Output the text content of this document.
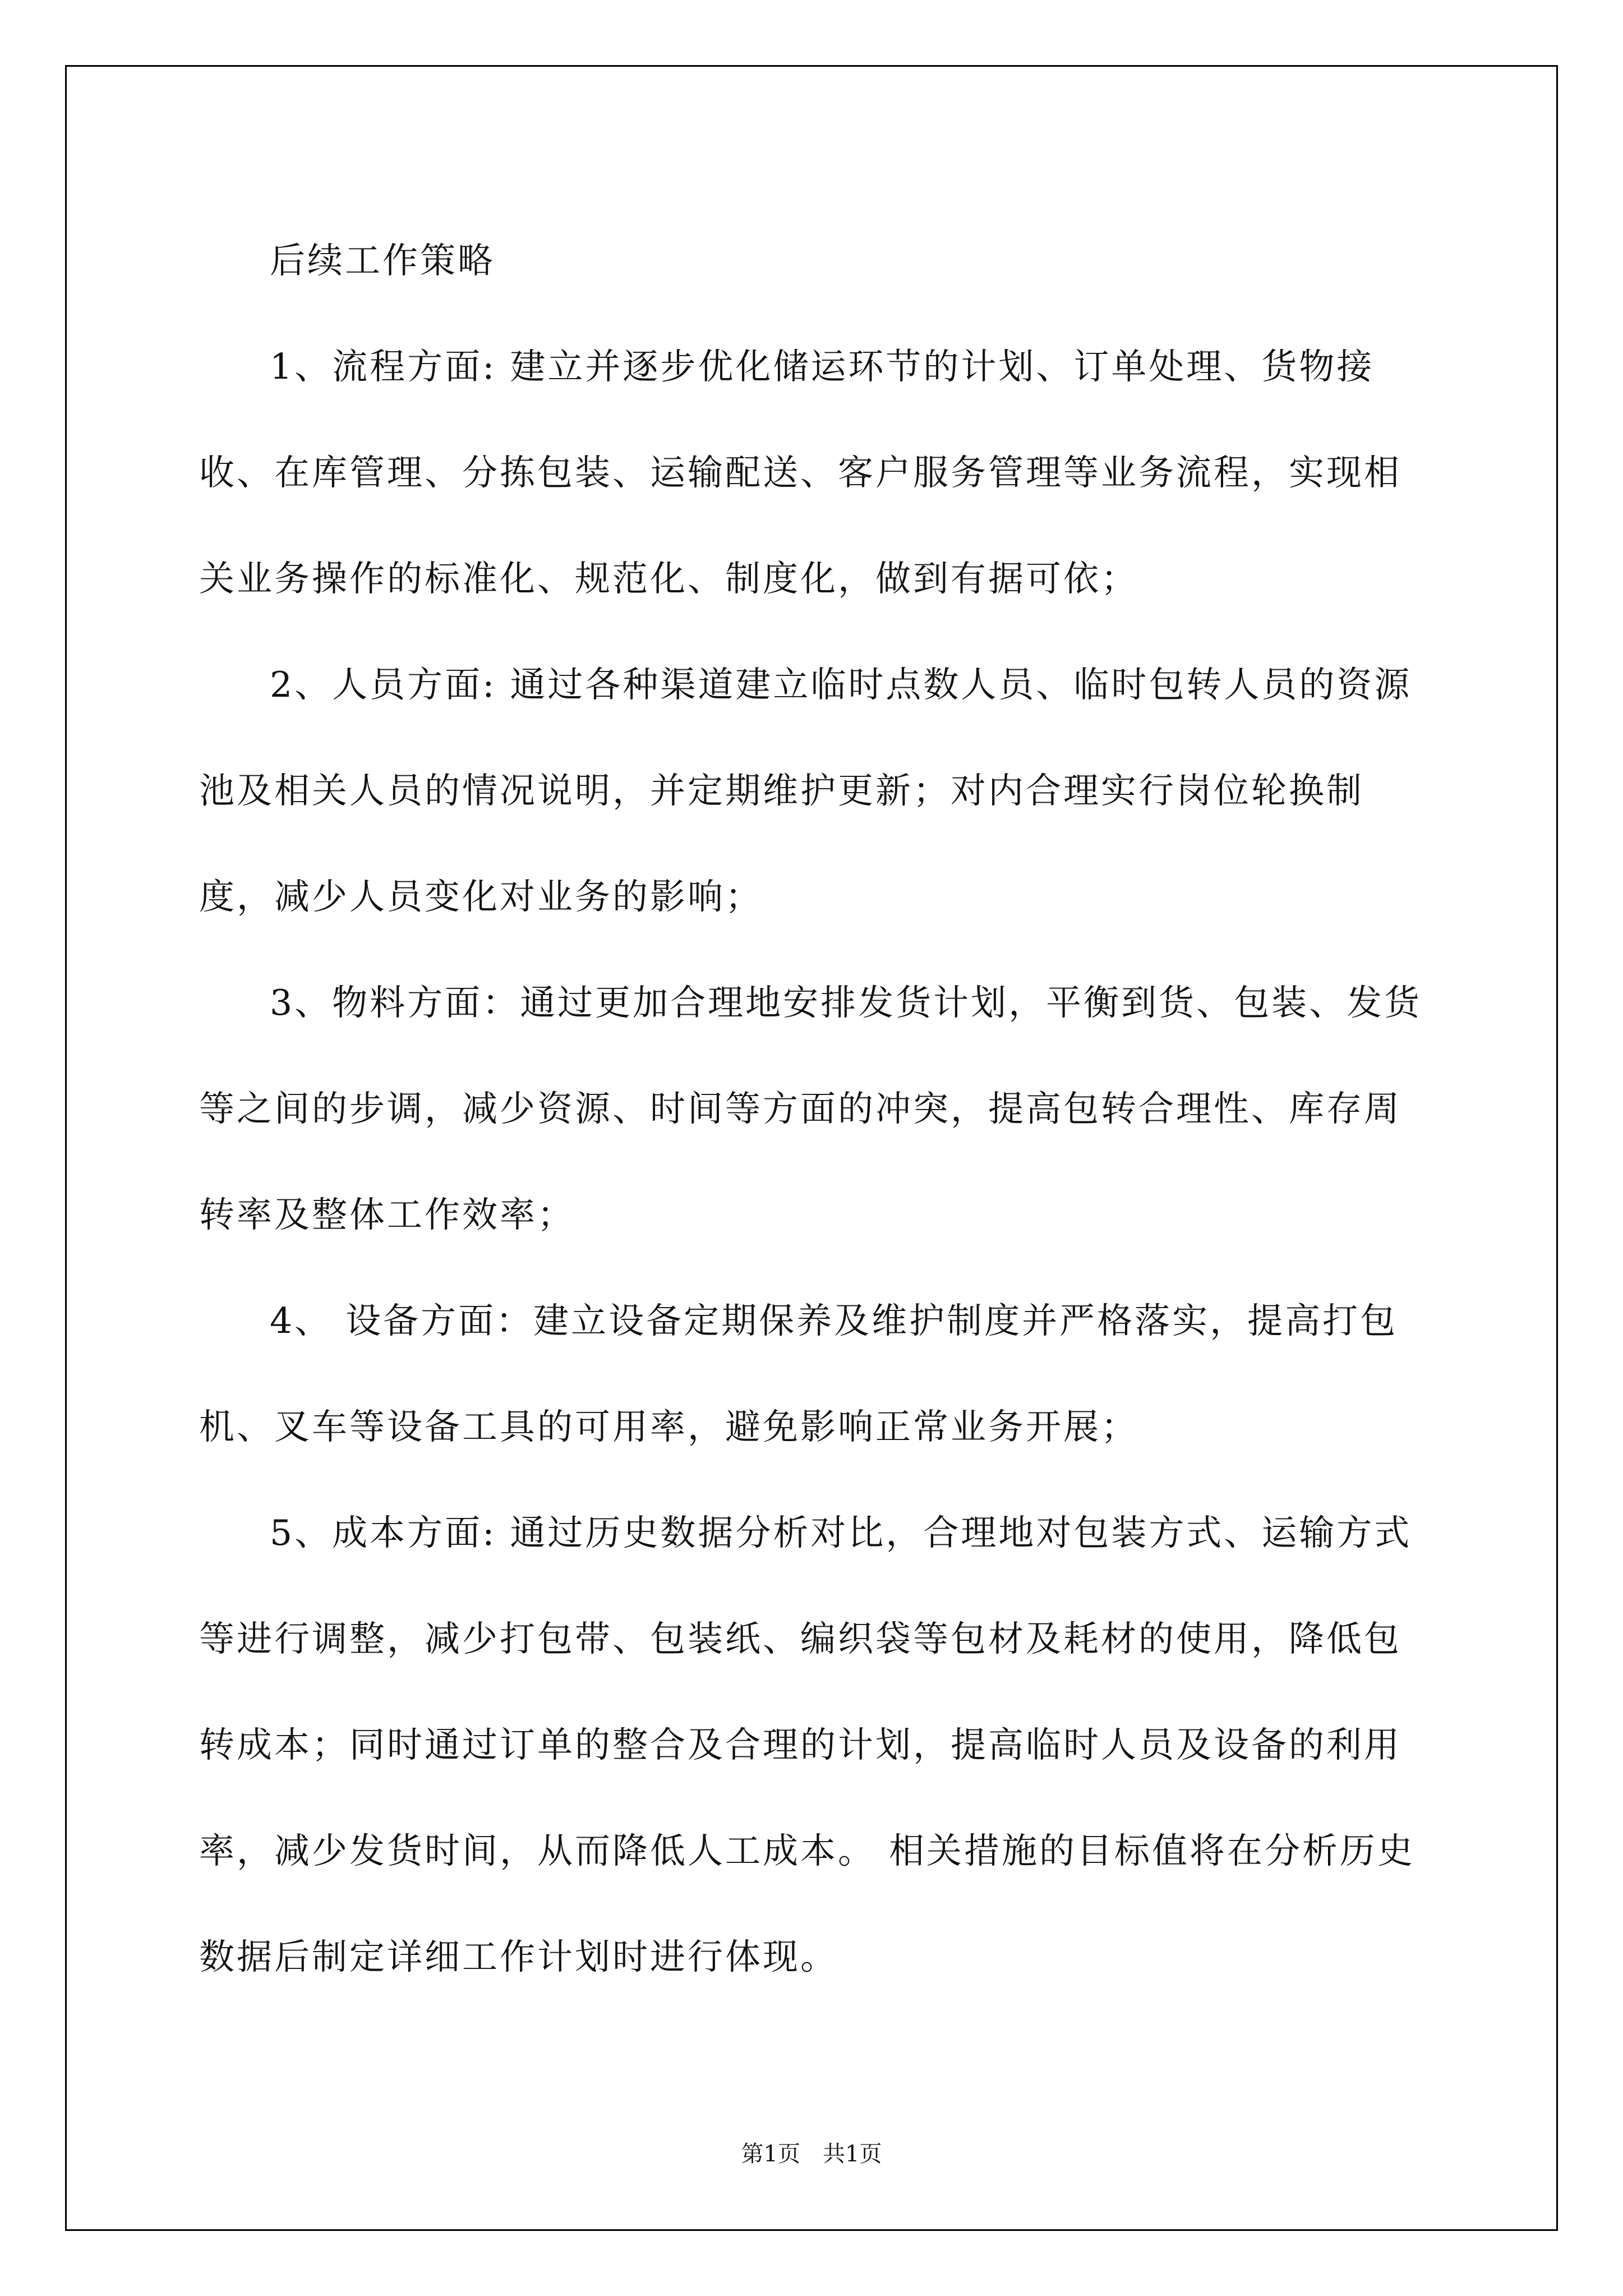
后续工作策略

1、流程方面: 建立并逐步优化储运环节的计划、订单处理、货物接收、在库管理、分拣包装、运输配送、客户服务管理等业务流程，实现相关业务操作的标准化、规范化、制度化，做到有据可依；

2、人员方面: 通过各种渠道建立临时点数人员、临时包转人员的资源池及相关人员的情况说明，并定期维护更新；对内合理实行岗位轮换制度，减少人员变化对业务的影响；

3、物料方面：通过更加合理地安排发货计划，平衡到货、包装、发货等之间的步调，减少资源、时间等方面的冲突，提高包转合理性、库存周转率及整体工作效率；

4、 设备方面：建立设备定期保养及维护制度并严格落实，提高打包机、叉车等设备工具的可用率，避免影响正常业务开展；

5、成本方面: 通过历史数据分析对比，合理地对包装方式、运输方式等进行调整，减少打包带、包装纸、编织袋等包材及耗材的使用，降低包转成本；同时通过订单的整合及合理的计划，提高临时人员及设备的利用率，减少发货时间，从而降低人工成本。 相关措施的目标值将在分析历史数据后制定详细工作计划时进行体现。

第1页　共1页
